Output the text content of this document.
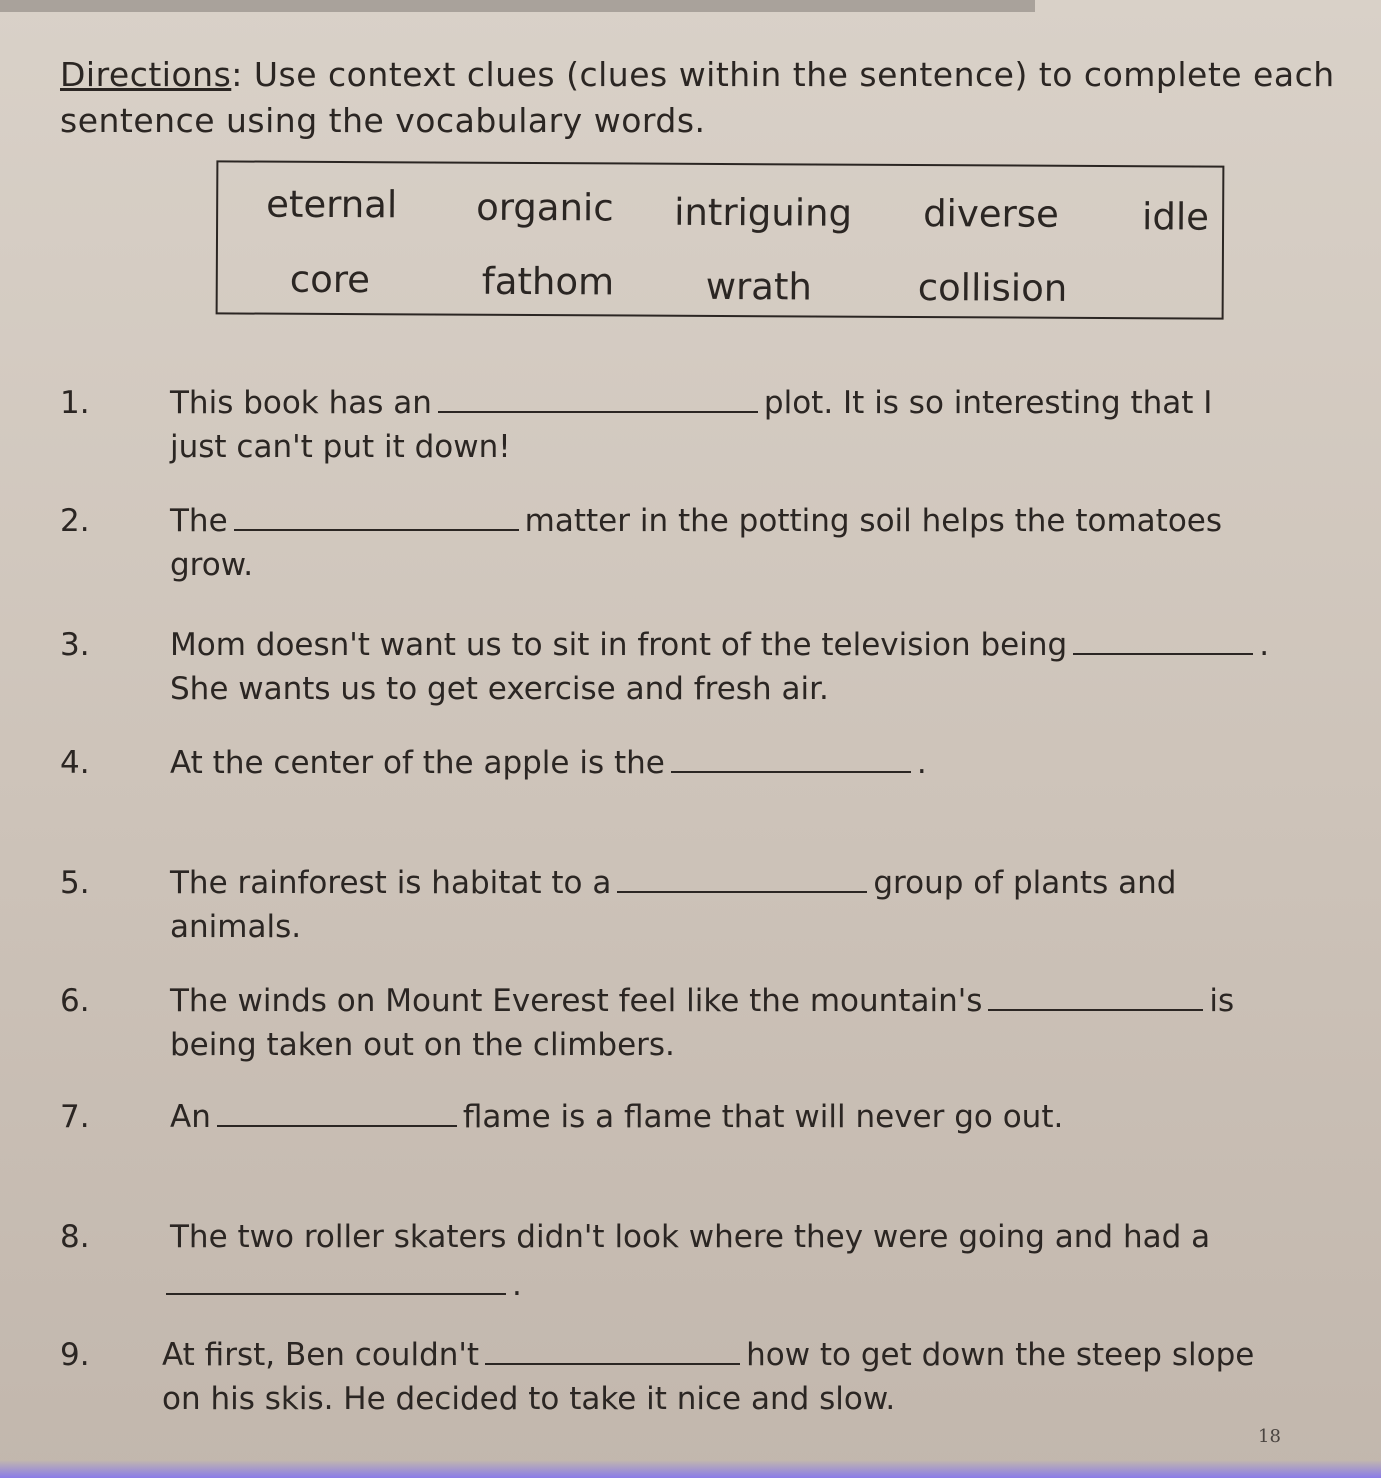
Directions: Use context clues (clues within the sentence) to complete each sentence using the vocabulary words.
eternal organic intriguing diverse idle
core	fathom wrath	collision
1.	This book has an	plot. It is so interesting that I
just can't put it down!
2.	The	matter in the potting soil helps the tomatoes
grow.
3.	Mom doesn't want us to sit in front of the television being	.
She wants us to get exercise and fresh air.
4.	At the center of the apple is the	.
5.	The rainforest is habitat to a	group of plants and
animals.
6.	The winds on Mount Everest feel like the mountain's	is
being taken out on the climbers.
7.	An	flame is a flame that will never go out.
8.	The two roller skaters didn't look where they were going and had a
.
9. At first, Ben couldn't	how to get down the steep slope
on his skis. He decided to take it nice and slow.
18
